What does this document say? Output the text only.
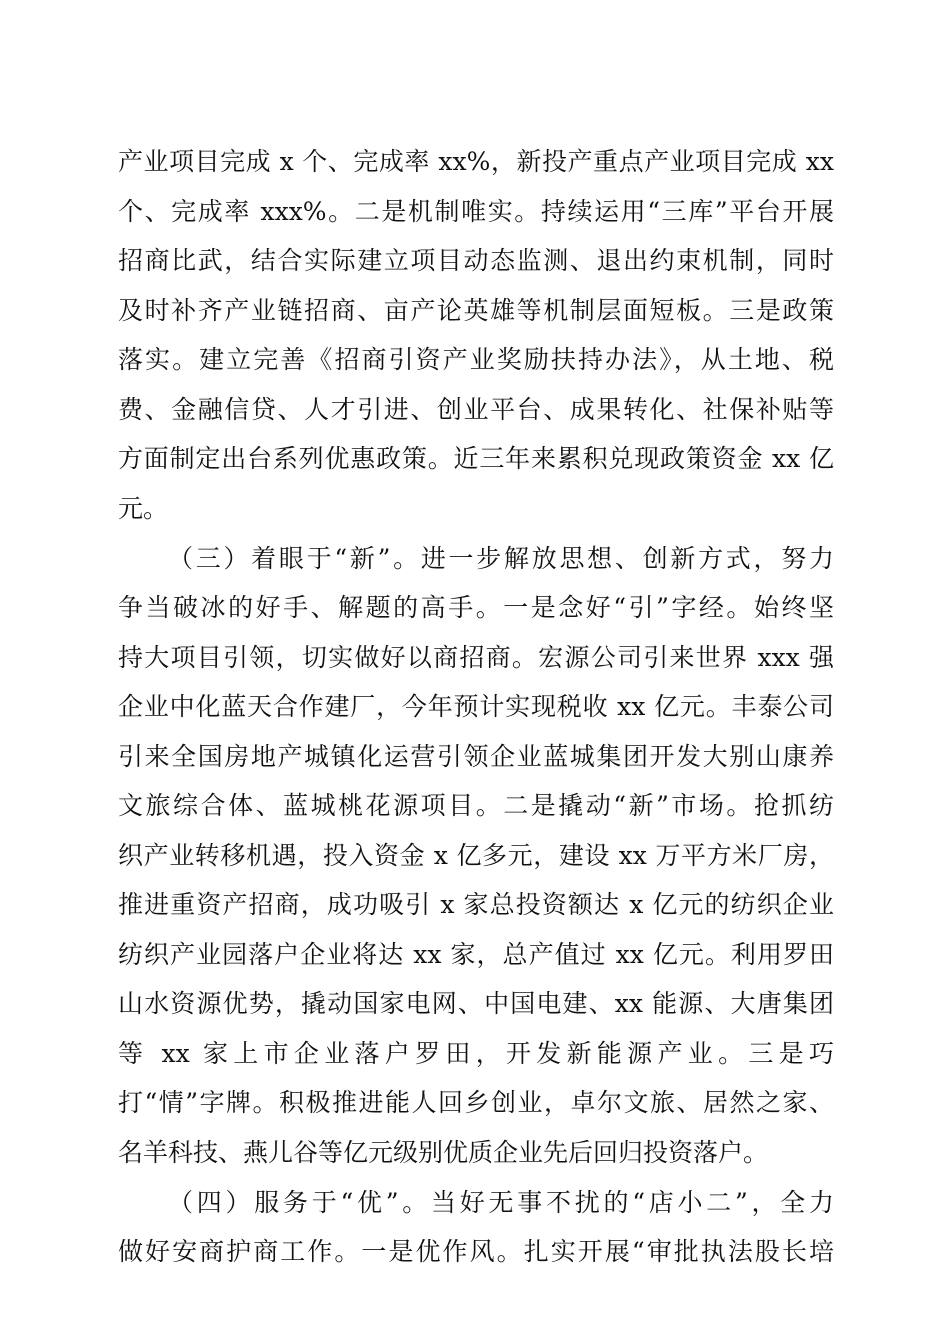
产业项目完成 x 个、完成率 xx%，新投产重点产业项目完成 xx
个、完成率 xxx%。二是机制唯实。持续运用“三库”平台开展
招商比武，结合实际建立项目动态监测、退出约束机制，同时
及时补齐产业链招商、亩产论英雄等机制层面短板。三是政策
落实。建立完善《招商引资产业奖励扶持办法》，从土地、税
费、金融信贷、人才引进、创业平台、成果转化、社保补贴等
方面制定出台系列优惠政策。近三年来累积兑现政策资金 xx 亿
元。
（三）着眼于“新”。进一步解放思想、创新方式，努力
争当破冰的好手、解题的高手。一是念好“引”字经。始终坚
持大项目引领，切实做好以商招商。宏源公司引来世界 xxx 强
企业中化蓝天合作建厂，今年预计实现税收 xx 亿元。丰泰公司
引来全国房地产城镇化运营引领企业蓝城集团开发大别山康养
文旅综合体、蓝城桃花源项目。二是撬动“新”市场。抢抓纺
织产业转移机遇，投入资金 x 亿多元，建设 xx 万平方米厂房，
推进重资产招商，成功吸引 x 家总投资额达 x 亿元的纺织企业
纺织产业园落户企业将达 xx 家，总产值过 xx 亿元。利用罗田
山水资源优势，撬动国家电网、中国电建、xx 能源、大唐集团
等 xx 家上市企业落户罗田，开发新能源产业。三是巧
打“情”字牌。积极推进能人回乡创业，卓尔文旅、居然之家、
名羊科技、燕儿谷等亿元级别优质企业先后回归投资落户。
（四）服务于“优”。当好无事不扰的“店小二”，全力
做好安商护商工作。一是优作风。扎实开展“审批执法股长培
